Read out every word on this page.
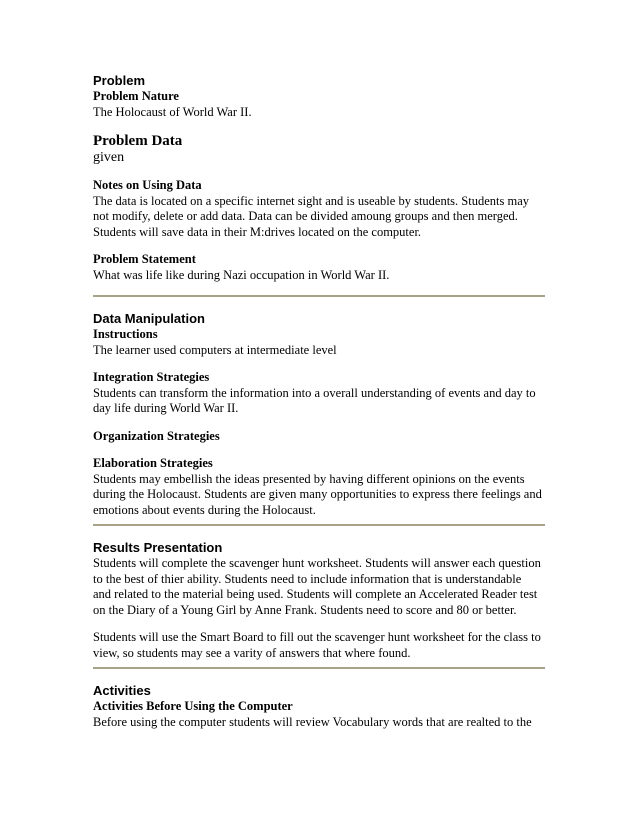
Problem

Problem Nature

The Holocaust of World War II.

Problem Data

given

Notes on Using Data

The data is located on a specific internet sight and is useable by students. Students may

not modify, delete or add data. Data can be divided amoung groups and then merged.

Students will save data in their M:drives located on the computer.

Problem Statement

What was life like during Nazi occupation in World War II.

Data Manipulation

Instructions

The learner used computers at intermediate level

Integration Strategies

Students can transform the information into a overall understanding of events and day to

day life during World War II.

Organization Strategies

Elaboration Strategies

Students may embellish the ideas presented by having different opinions on the events

during the Holocaust. Students are given many opportunities to express there feelings and

emotions about events during the Holocaust.

Results Presentation

Students will complete the scavenger hunt worksheet. Students will answer each question

to the best of thier ability. Students need to include information that is understandable

and related to the material being used. Students will complete an Accelerated Reader test

on the Diary of a Young Girl by Anne Frank. Students need to score and 80 or better.

Students will use the Smart Board to fill out the scavenger hunt worksheet for the class to

view, so students may see a varity of answers that where found.

Activities

Activities Before Using the Computer

Before using the computer students will review Vocabulary words that are realted to the
